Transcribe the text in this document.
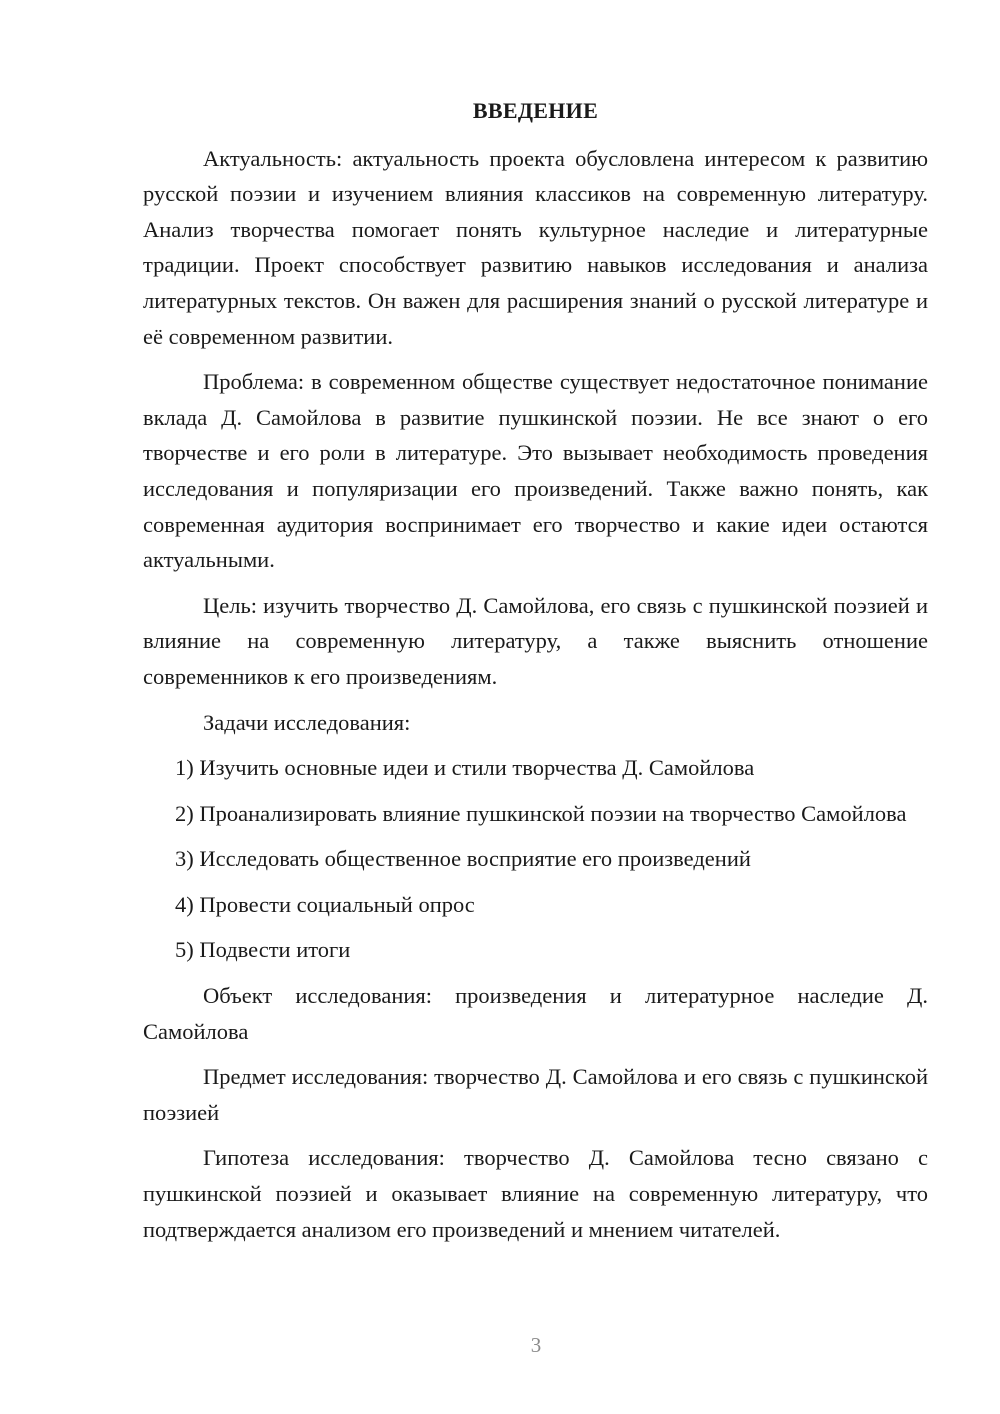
ВВЕДЕНИЕ

Актуальность: актуальность проекта обусловлена интересом к развитию русской поэзии и изучением влияния классиков на современную литературу. Анализ творчества помогает понять культурное наследие и литературные традиции. Проект способствует развитию навыков исследования и анализа литературных текстов. Он важен для расширения знаний о русской литературе и её современном развитии.

Проблема: в современном обществе существует недостаточное понимание вклада Д. Самойлова в развитие пушкинской поэзии. Не все знают о его творчестве и его роли в литературе. Это вызывает необходимость проведения исследования и популяризации его произведений. Также важно понять, как современная аудитория воспринимает его творчество и какие идеи остаются актуальными.

Цель: изучить творчество Д. Самойлова, его связь с пушкинской поэзией и влияние на современную литературу, а также выяснить отношение современников к его произведениям.

Задачи исследования:

1) Изучить основные идеи и стили творчества Д. Самойлова

2) Проанализировать влияние пушкинской поэзии на творчество Самойлова

3) Исследовать общественное восприятие его произведений

4) Провести социальный опрос

5) Подвести итоги

Объект исследования: произведения и литературное наследие Д. Самойлова

Предмет исследования: творчество Д. Самойлова и его связь с пушкинской поэзией

Гипотеза исследования: творчество Д. Самойлова тесно связано с пушкинской поэзией и оказывает влияние на современную литературу, что подтверждается анализом его произведений и мнением читателей.

3
